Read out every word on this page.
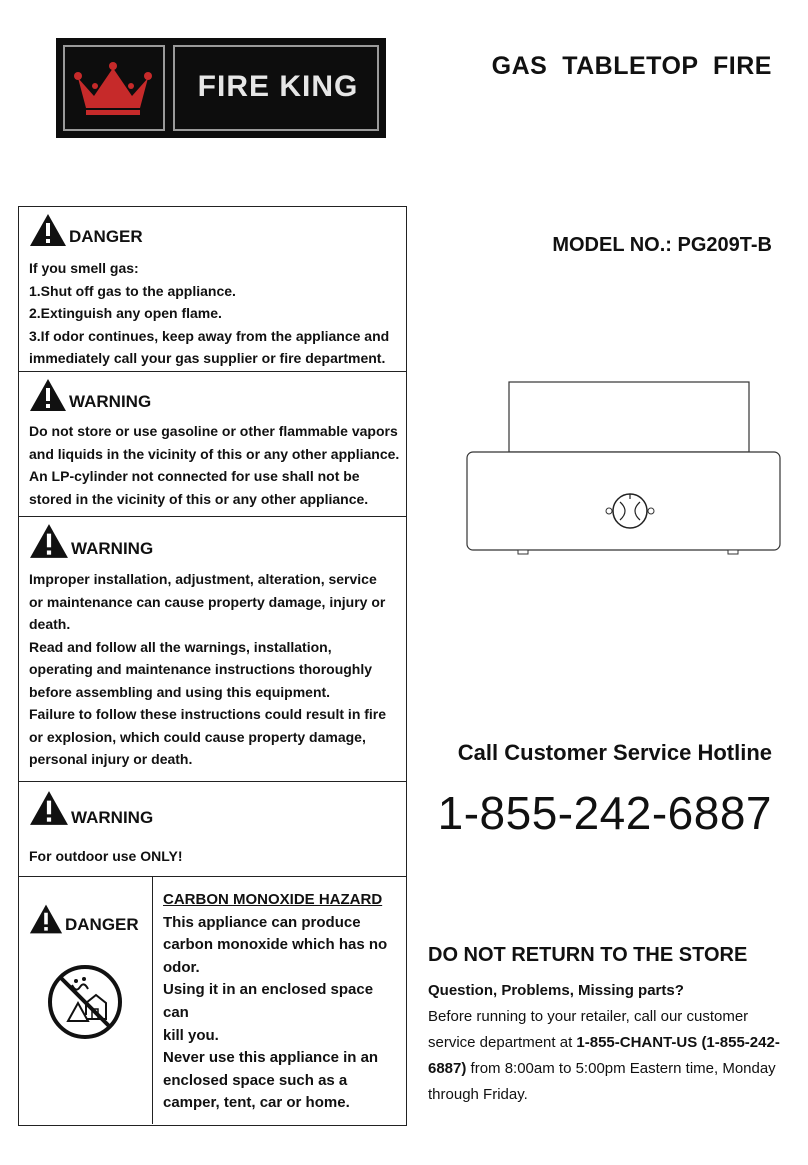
FIRE KING
GAS  TABLETOP  FIRE
MODEL NO.: PG209T-B
DANGER

If you smell gas:

1.Shut off gas to the appliance.

2.Extinguish any open flame.

3.If odor continues, keep away from the appliance and

immediately call your gas supplier or fire department.

WARNING

Do not store or use gasoline or other flammable vapors

and liquids in the vicinity of this or any other appliance.

An LP-cylinder not connected for use shall not be

stored in the vicinity of this or any other appliance.

WARNING

Improper installation, adjustment, alteration, service

or maintenance can cause property damage, injury or

death.

Read and follow all the warnings, installation,

operating and maintenance instructions thoroughly

before assembling and using this equipment.

Failure to follow these instructions could result in fire

or explosion, which could cause property damage,

personal injury or death.

WARNING

For outdoor use ONLY!

DANGER

CARBON MONOXIDE HAZARD

This appliance can produce

carbon monoxide which has no

odor.

Using it in an enclosed space can

kill you.

Never use this appliance in an

enclosed space such as a

camper, tent, car or home.

Call Customer Service Hotline
1-855-242-6887
DO NOT RETURN TO THE STORE

Question, Problems, Missing parts?

Before running to your retailer, call our customer service department at 1-855-CHANT-US (1-855-242-6887) from 8:00am to 5:00pm Eastern time, Monday through Friday.
